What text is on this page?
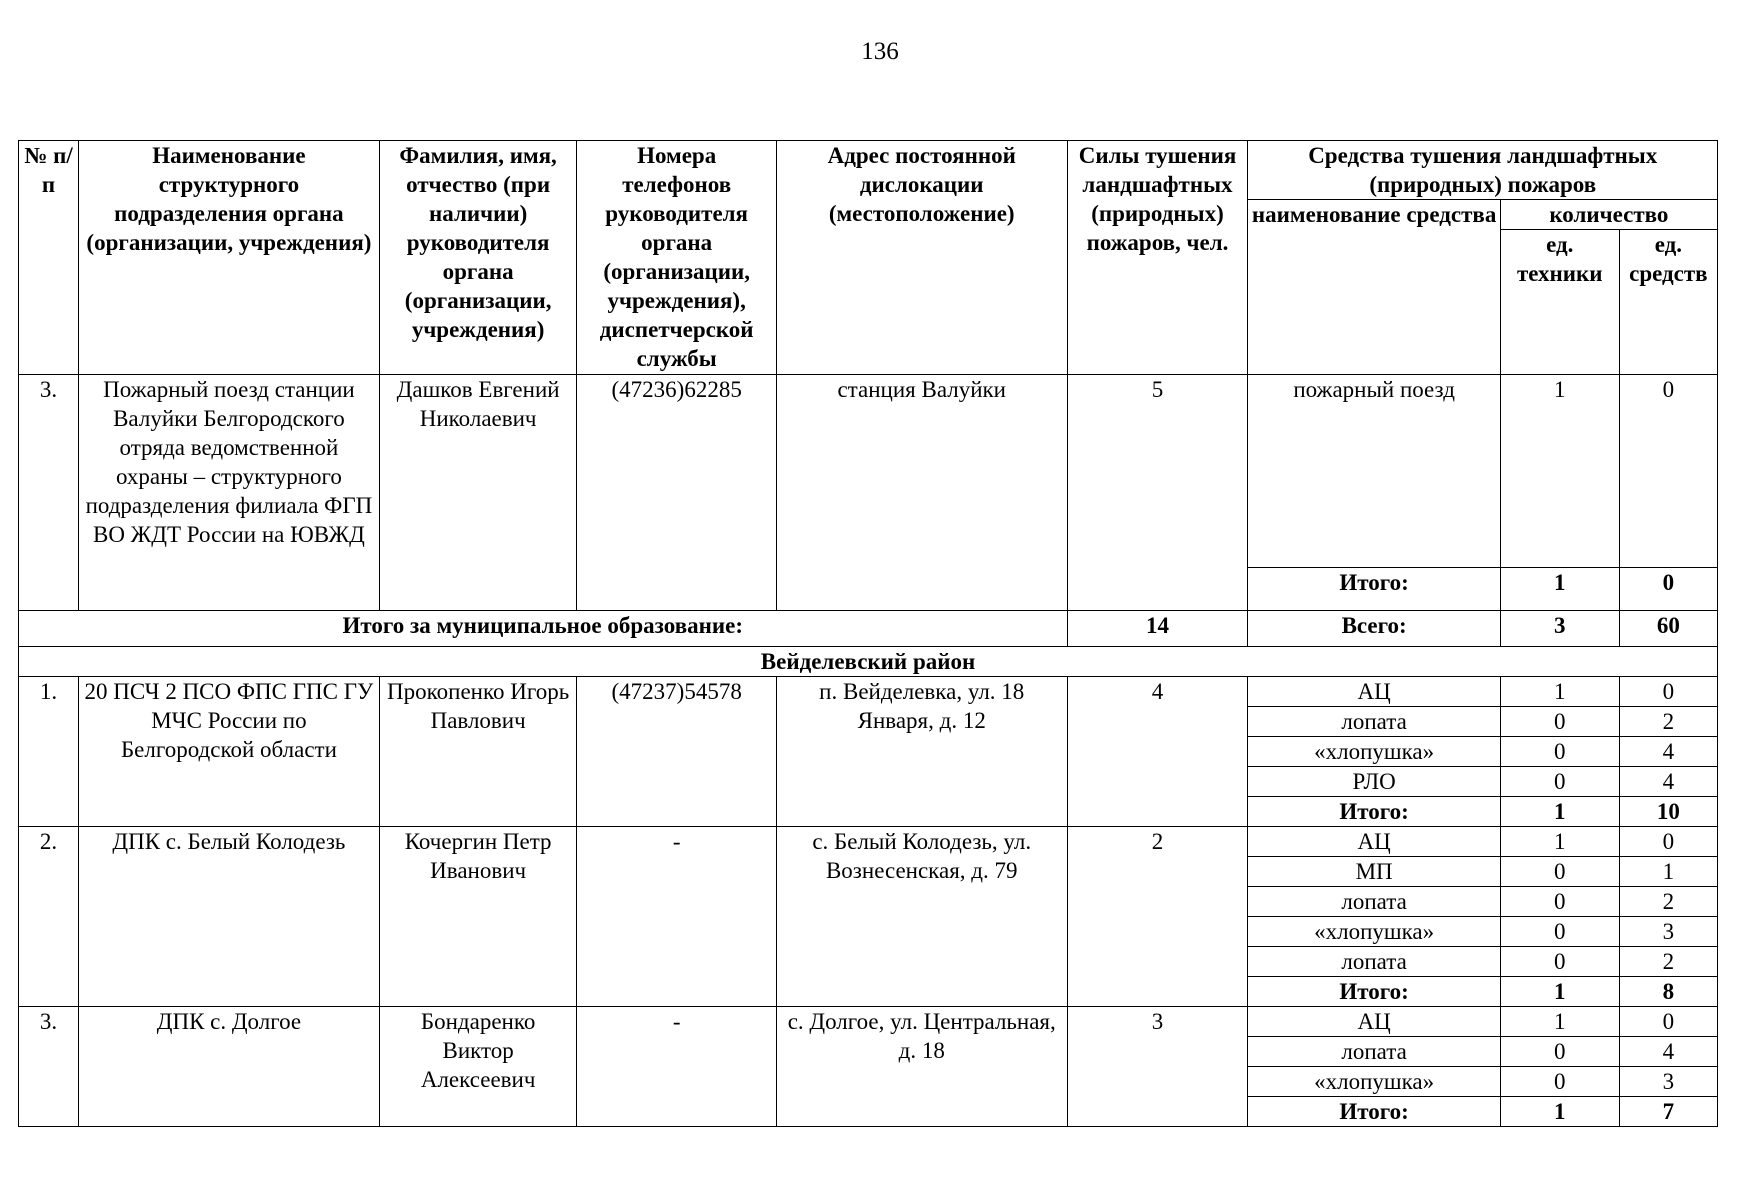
136
№ п/п	Наименование структурного подразделения органа (организации, учреждения)	Фамилия, имя, отчество (при наличии) руководителя органа (организации, учреждения)	Номера телефонов руководителя органа (организации, учреждения), диспетчерской службы	Адрес постоянной дислокации (местоположение)	Силы тушения ландшафтных (природных) пожаров, чел.	Средства тушения ландшафтных (природных) пожаров		
						наименование средства	количество	
							ед. техники	ед. средств
3.	Пожарный поезд станции Валуйки Белгородского отряда ведомственной охраны – структурного подразделения филиала ФГП ВО ЖДТ России на ЮВЖД	Дашков Евгений Николаевич	(47236)62285	станция Валуйки	5	пожарный поезд	1	0
						Итого:	1	0
Итого за муниципальное образование:					14	Всего:	3	60
Вейделевский район								
1.	20 ПСЧ 2 ПСО ФПС ГПС ГУ МЧС России по Белгородской области	Прокопенко Игорь Павлович	(47237)54578	п. Вейделевка, ул. 18 Января, д. 12	4	АЦ	1	0
						лопата	0	2
						«хлопушка»	0	4
						РЛО	0	4
						Итого:	1	10
2.	ДПК с. Белый Колодезь	Кочергин Петр Иванович	-	с. Белый Колодезь, ул. Вознесенская, д. 79	2	АЦ	1	0
						МП	0	1
						лопата	0	2
						«хлопушка»	0	3
						лопата	0	2
						Итого:	1	8
3.	ДПК с. Долгое	Бондаренко Виктор Алексеевич	-	с. Долгое, ул. Центральная, д. 18	3	АЦ	1	0
						лопата	0	4
						«хлопушка»	0	3
						Итого:	1	7
